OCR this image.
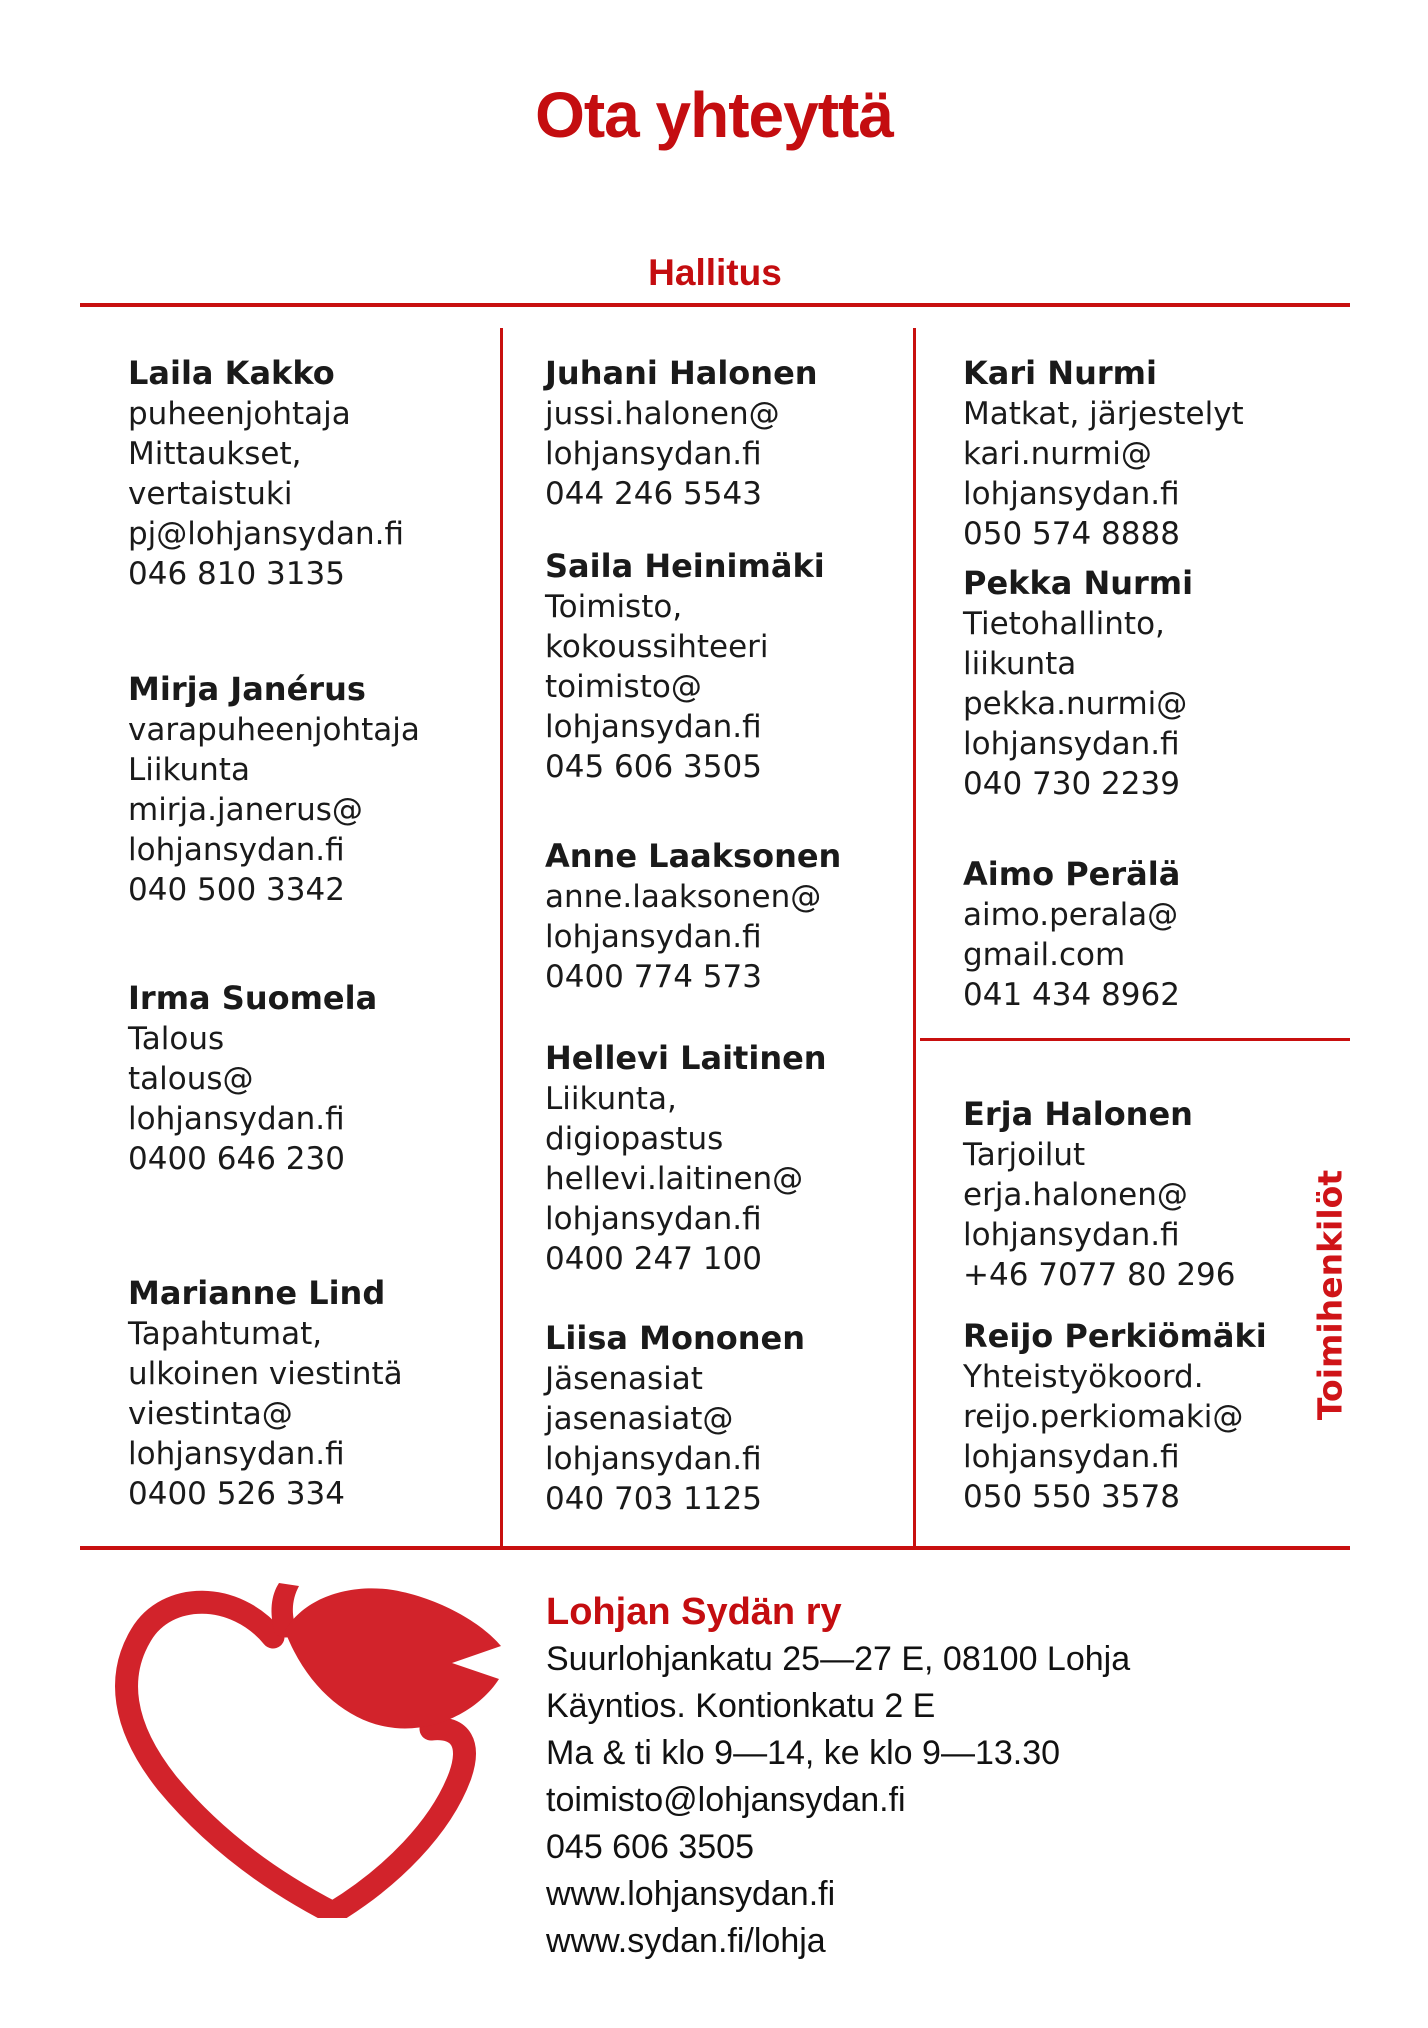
Ota yhteyttä
Hallitus
Laila Kakko
puheenjohtaja
Mittaukset,
vertaistuki
pj@lohjansydan.fi
046 810 3135
Mirja Janérus
varapuheenjohtaja
Liikunta
mirja.janerus@
lohjansydan.fi
040 500 3342
Irma Suomela
Talous
talous@
lohjansydan.fi
0400 646 230
Marianne Lind
Tapahtumat,
ulkoinen viestintä
viestinta@
lohjansydan.fi
0400 526 334
Juhani Halonen
jussi.halonen@
lohjansydan.fi
044 246 5543
Saila Heinimäki
Toimisto,
kokoussihteeri
toimisto@
lohjansydan.fi
045 606 3505
Anne Laaksonen
anne.laaksonen@
lohjansydan.fi
0400 774 573
Hellevi Laitinen
Liikunta,
digiopastus
hellevi.laitinen@
lohjansydan.fi
0400 247 100
Liisa Mononen
Jäsenasiat
jasenasiat@
lohjansydan.fi
040 703 1125
Kari Nurmi
Matkat, järjestelyt
kari.nurmi@
lohjansydan.fi
050 574 8888
Pekka Nurmi
Tietohallinto,
liikunta
pekka.nurmi@
lohjansydan.fi
040 730 2239
Aimo Perälä
aimo.perala@
gmail.com
041 434 8962
Erja Halonen
Tarjoilut
erja.halonen@
lohjansydan.fi
+46 7077 80 296
Reijo Perkiömäki
Yhteistyökoord.
reijo.perkiomaki@
lohjansydan.fi
050 550 3578
Toimihenkilöt
Lohjan Sydän ry
Suurlohjankatu 25—27 E, 08100 Lohja
Käyntios. Kontionkatu 2 E
Ma & ti klo 9—14, ke klo 9—13.30
toimisto@lohjansydan.fi
045 606 3505
www.lohjansydan.fi
www.sydan.fi/lohja
